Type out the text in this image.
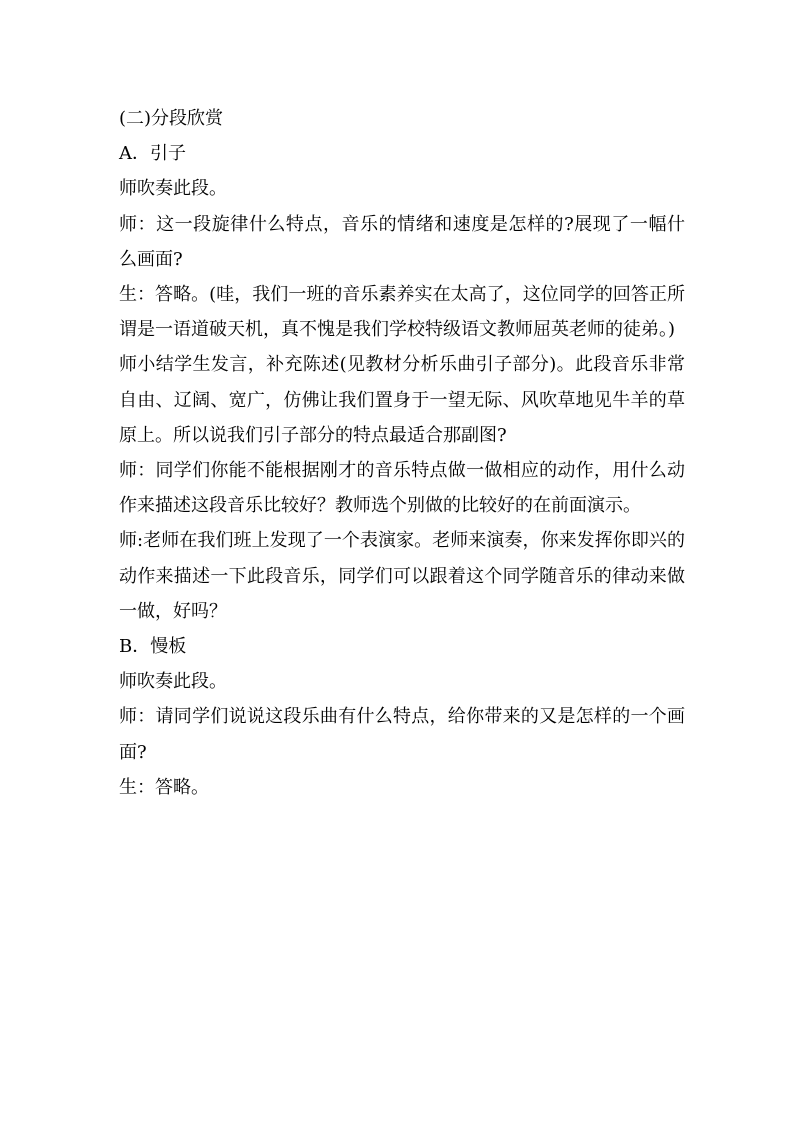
(二)分段欣赏

A．引子

师吹奏此段。

师：这一段旋律什么特点，音乐的情绪和速度是怎样的?展现了一幅什么画面?

生：答略。(哇，我们一班的音乐素养实在太高了，这位同学的回答正所谓是一语道破天机，真不愧是我们学校特级语文教师屈英老师的徒弟。)

师小结学生发言，补充陈述(见教材分析乐曲引子部分)。此段音乐非常自由、辽阔、宽广，仿佛让我们置身于一望无际、风吹草地见牛羊的草原上。所以说我们引子部分的特点最适合那副图?

师：同学们你能不能根据刚才的音乐特点做一做相应的动作，用什么动作来描述这段音乐比较好？教师选个别做的比较好的在前面演示。

师:老师在我们班上发现了一个表演家。老师来演奏，你来发挥你即兴的动作来描述一下此段音乐，同学们可以跟着这个同学随音乐的律动来做一做，好吗？

B．慢板

师吹奏此段。

师：请同学们说说这段乐曲有什么特点，给你带来的又是怎样的一个画面?

生：答略。
